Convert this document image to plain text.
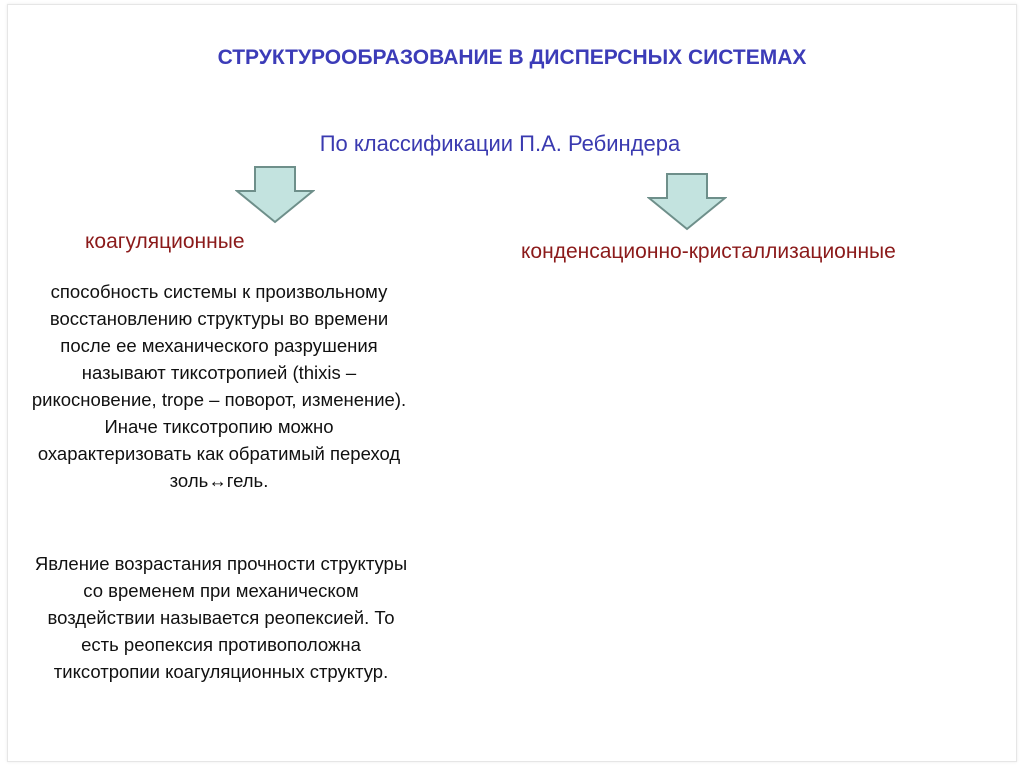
СТРУКТУРООБРАЗОВАНИЕ В ДИСПЕРСНЫХ СИСТЕМАХ
По классификации П.А. Ребиндера
коагуляционные	конденсационно-кристаллизационные
способность системы к произвольному восстановлению структуры во времени после ее механического разрушения называют тиксотропией (thixis – рикосновение, trope – поворот, изменение). Иначе тиксотропию можно охарактеризовать как обратимый переход золь↔гель.
Явление возрастания прочности структуры со временем при механическом воздействии называется реопексией. То есть реопексия противоположна тиксотропии коагуляционных структур.
